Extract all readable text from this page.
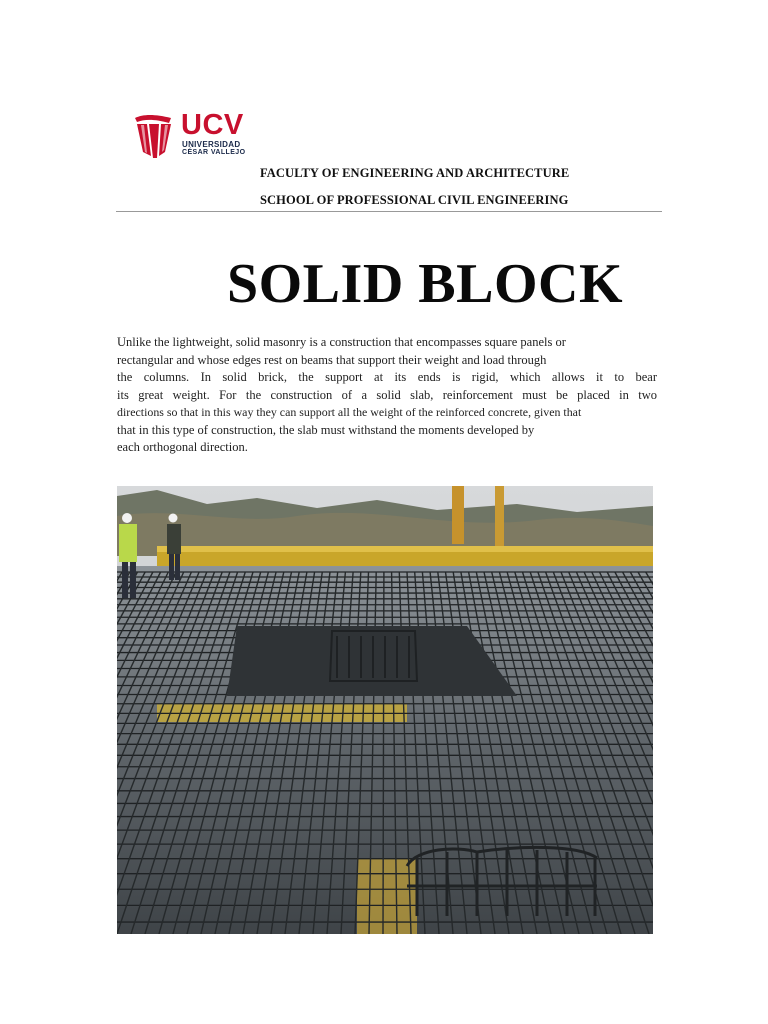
UCV
UNIVERSIDAD
CÉSAR VALLEJO
FACULTY OF ENGINEERING AND ARCHITECTURE
SCHOOL OF PROFESSIONAL CIVIL ENGINEERING
SOLID BLOCK
Unlike the lightweight, solid masonry is a construction that encompasses square panels or
rectangular and whose edges rest on beams that support their weight and load through
the columns. In solid brick, the support at its ends is rigid, which allows it to bear
its great weight. For the construction of a solid slab, reinforcement must be placed in two
directions so that in this way they can support all the weight of the reinforced concrete, given that
that in this type of construction, the slab must withstand the moments developed by
each orthogonal direction.
